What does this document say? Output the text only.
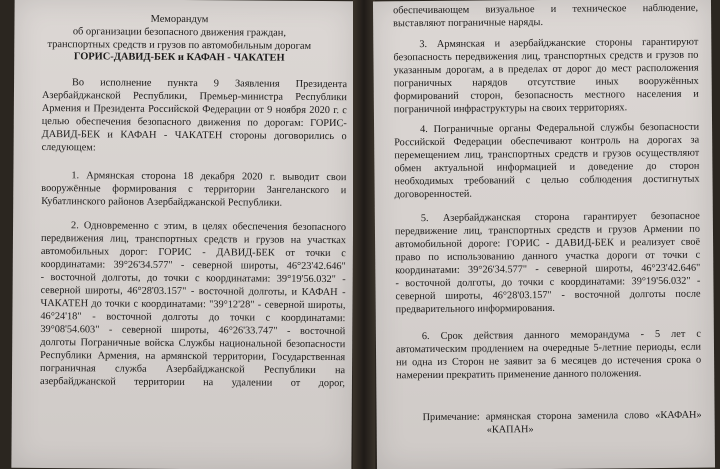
Меморандум
об организации безопасного движения граждан,
транспортных средств и грузов по автомобильным дорогам
ГОРИС-ДАВИД-БЕК и КАФАН - ЧАКАТЕН
Во исполнение пункта 9 Заявления Президента
Азербайджанской Республики, Премьер-министра Республики
Армения и Президента Российской Федерации от 9 ноября 2020 г. с
целью обеспечения безопасного движения по дорогам: ГОРИС-
ДАВИД-БЕК и КАФАН - ЧАКАТЕН стороны договорились о
следующем:
1. Армянская сторона 18 декабря 2020 г. выводит свои
вооружённые формирования с территории Зангеланского и
Кубатлинского районов Азербайджанской Республики.
2. Одновременно с этим, в целях обеспечения безопасного
передвижения лиц, транспортных средств и грузов на участках
автомобильных дорог: ГОРИС - ДАВИД-БЕК от точки с
координатами: 39°26'34.577" - северной широты, 46°23'42.646"
- восточной долготы, до точки с координатами: 39°19'56.032" -
северной широты, 46°28'03.157" - восточной долготы, и КАФАН -
ЧАКАТЕН до точки с координатами: "39°12'28" - северной широты,
46°24'18" - восточной долготы до точки с координатами:
39°08'54.603" - северной широты, 46°26'33.747" - восточной
долготы Пограничные войска Службы национальной безопасности
Республики Армения, на армянской территории, Государственная
пограничная служба Азербайджанской Республики на
азербайджанской территории на удалении от дорог,
обеспечивающем визуальное и техническое наблюдение,
выставляют пограничные наряды.
3. Армянская и азербайджанские стороны гарантируют
безопасность передвижения лиц, транспортных средств и грузов по
указанным дорогам, а в пределах от дорог до мест расположения
пограничных нарядов отсутствие иных вооружённых
формирований сторон, безопасность местного населения и
пограничной инфраструктуры на своих территориях.
4. Пограничные органы Федеральной службы безопасности
Российской Федерации обеспечивают контроль на дорогах за
перемещением лиц, транспортных средств и грузов осуществляют
обмен актуальной информацией и доведение до сторон
необходимых требований с целью соблюдения достигнутых
договоренностей.
5. Азербайджанская сторона гарантирует безопасное
передвижение лиц, транспортных средств и грузов Армении по
автомобильной дороге: ГОРИС - ДАВИД-БЕК и реализует своё
право по использованию данного участка дороги от точки с
координатами: 39°26'34.577" - северной широты, 46°23'42.646"
- восточной долготы, до точки с координатами: 39°19'56.032" -
северной широты, 46°28'03.157" - восточной долготы после
предварительного информирования.
6. Срок действия данного меморандума - 5 лет с
автоматическим продлением на очередные 5-летние периоды, если
ни одна из Сторон не заявит за 6 месяцев до истечения срока о
намерении прекратить применение данного положения.
Примечание: армянская сторона заменила слово «КАФАН»
«КАПАН»
